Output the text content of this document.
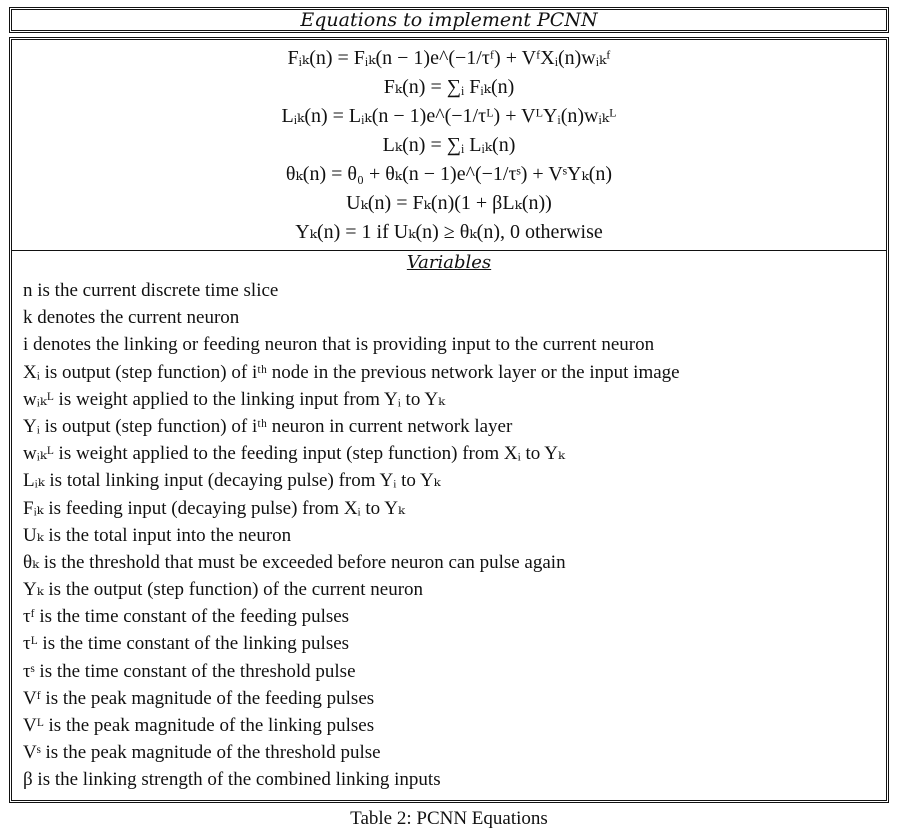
Equations to implement PCNN
Fᵢₖ(n) = Fᵢₖ(n − 1)e^(−1/τᶠ) + VᶠXᵢ(n)wᵢₖᶠ
Fₖ(n) = ∑ᵢ Fᵢₖ(n)
Lᵢₖ(n) = Lᵢₖ(n − 1)e^(−1/τᴸ) + VᴸYᵢ(n)wᵢₖᴸ
Lₖ(n) = ∑ᵢ Lᵢₖ(n)
θₖ(n) = θ₀ + θₖ(n − 1)e^(−1/τˢ) + VˢYₖ(n)
Uₖ(n) = Fₖ(n)(1 + βLₖ(n))
Yₖ(n) = 1 if Uₖ(n) ≥ θₖ(n), 0 otherwise
Variables
n is the current discrete time slice
k denotes the current neuron
i denotes the linking or feeding neuron that is providing input to the current neuron
Xᵢ is output (step function) of iᵗʰ node in the previous network layer or the input image
wᵢₖᴸ is weight applied to the linking input from Yᵢ to Yₖ
Yᵢ is output (step function) of iᵗʰ neuron in current network layer
wᵢₖᴸ is weight applied to the feeding input (step function) from Xᵢ to Yₖ
Lᵢₖ is total linking input (decaying pulse) from Yᵢ to Yₖ
Fᵢₖ is feeding input (decaying pulse) from Xᵢ to Yₖ
Uₖ is the total input into the neuron
θₖ is the threshold that must be exceeded before neuron can pulse again
Yₖ is the output (step function) of the current neuron
τᶠ is the time constant of the feeding pulses
τᴸ is the time constant of the linking pulses
τˢ is the time constant of the threshold pulse
Vᶠ is the peak magnitude of the feeding pulses
Vᴸ is the peak magnitude of the linking pulses
Vˢ is the peak magnitude of the threshold pulse
β is the linking strength of the combined linking inputs
Table 2: PCNN Equations
